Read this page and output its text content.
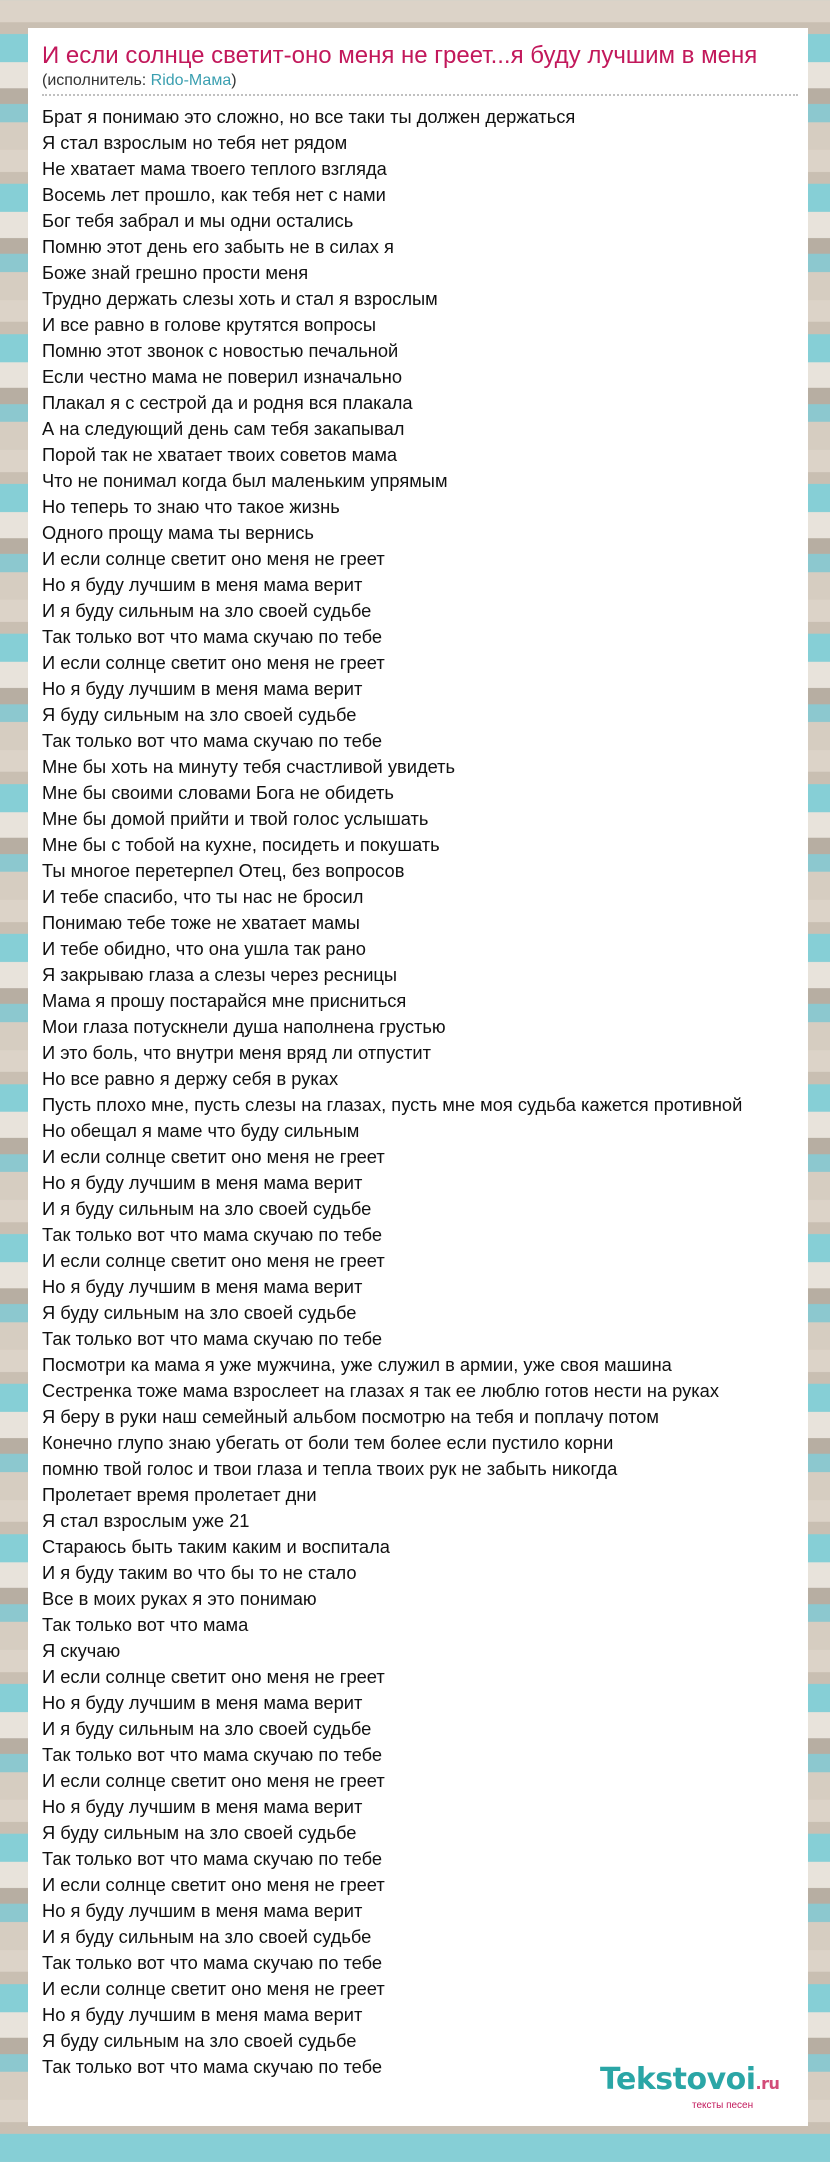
И если солнце светит-оно меня не греет...я буду лучшим в меня
(исполнитель: Rido-Мама)
Брат я понимаю это сложно, но все таки ты должен держаться
Я стал взрослым но тебя нет рядом
Не хватает мама твоего теплого взгляда
Восемь лет прошло, как тебя нет с нами
Бог тебя забрал и мы одни остались
Помню этот день его забыть не в силах я
Боже знай грешно прости меня
Трудно держать слезы хоть и стал я взрослым
И все равно в голове крутятся вопросы
Помню этот звонок с новостью печальной
Если честно мама не поверил изначально
Плакал я с сестрой да и родня вся плакала
А на следующий день сам тебя закапывал
Порой так не хватает твоих советов мама
Что не понимал когда был маленьким упрямым
Но теперь то знаю что такое жизнь
Одного прощу мама ты вернись
И если солнце светит оно меня не греет
Но я буду лучшим в меня мама верит
И я буду сильным на зло своей судьбе
Так только вот что мама скучаю по тебе
И если солнце светит оно меня не греет
Но я буду лучшим в меня мама верит
Я буду сильным на зло своей судьбе
Так только вот что мама скучаю по тебе
Мне бы хоть на минуту тебя счастливой увидеть
Мне бы своими словами Бога не обидеть
Мне бы домой прийти и твой голос услышать
Мне бы с тобой на кухне, посидеть и покушать
Ты многое перетерпел Отец, без вопросов
И тебе спасибо, что ты нас не бросил
Понимаю тебе тоже не хватает мамы
И тебе обидно, что она ушла так рано
Я закрываю глаза а слезы через ресницы
Мама я прошу постарайся мне присниться
Мои глаза потускнели душа наполнена грустью
И это боль, что внутри меня вряд ли отпустит
Но все равно я держу себя в руках
Пусть плохо мне, пусть слезы на глазах, пусть мне моя судьба кажется противной
Но обещал я маме что буду сильным
И если солнце светит оно меня не греет
Но я буду лучшим в меня мама верит
И я буду сильным на зло своей судьбе
Так только вот что мама скучаю по тебе
И если солнце светит оно меня не греет
Но я буду лучшим в меня мама верит
Я буду сильным на зло своей судьбе
Так только вот что мама скучаю по тебе
Посмотри ка мама я уже мужчина, уже служил в армии, уже своя машина
Сестренка тоже мама взрослеет на глазах я так ее люблю готов нести на руках
Я беру в руки наш семейный альбом посмотрю на тебя и поплачу потом
Конечно глупо знаю убегать от боли тем более если пустило корни
помню твой голос и твои глаза и тепла твоих рук не забыть никогда
Пролетает время пролетает дни
Я стал взрослым уже 21
Стараюсь быть таким каким и воспитала
И я буду таким во что бы то не стало
Все в моих руках я это понимаю
Так только вот что мама
Я скучаю
И если солнце светит оно меня не греет
Но я буду лучшим в меня мама верит
И я буду сильным на зло своей судьбе
Так только вот что мама скучаю по тебе
И если солнце светит оно меня не греет
Но я буду лучшим в меня мама верит
Я буду сильным на зло своей судьбе
Так только вот что мама скучаю по тебе
И если солнце светит оно меня не греет
Но я буду лучшим в меня мама верит
И я буду сильным на зло своей судьбе
Так только вот что мама скучаю по тебе
И если солнце светит оно меня не греет
Но я буду лучшим в меня мама верит
Я буду сильным на зло своей судьбе
Так только вот что мама скучаю по тебе	Tekstovoi.ru
тексты песен
